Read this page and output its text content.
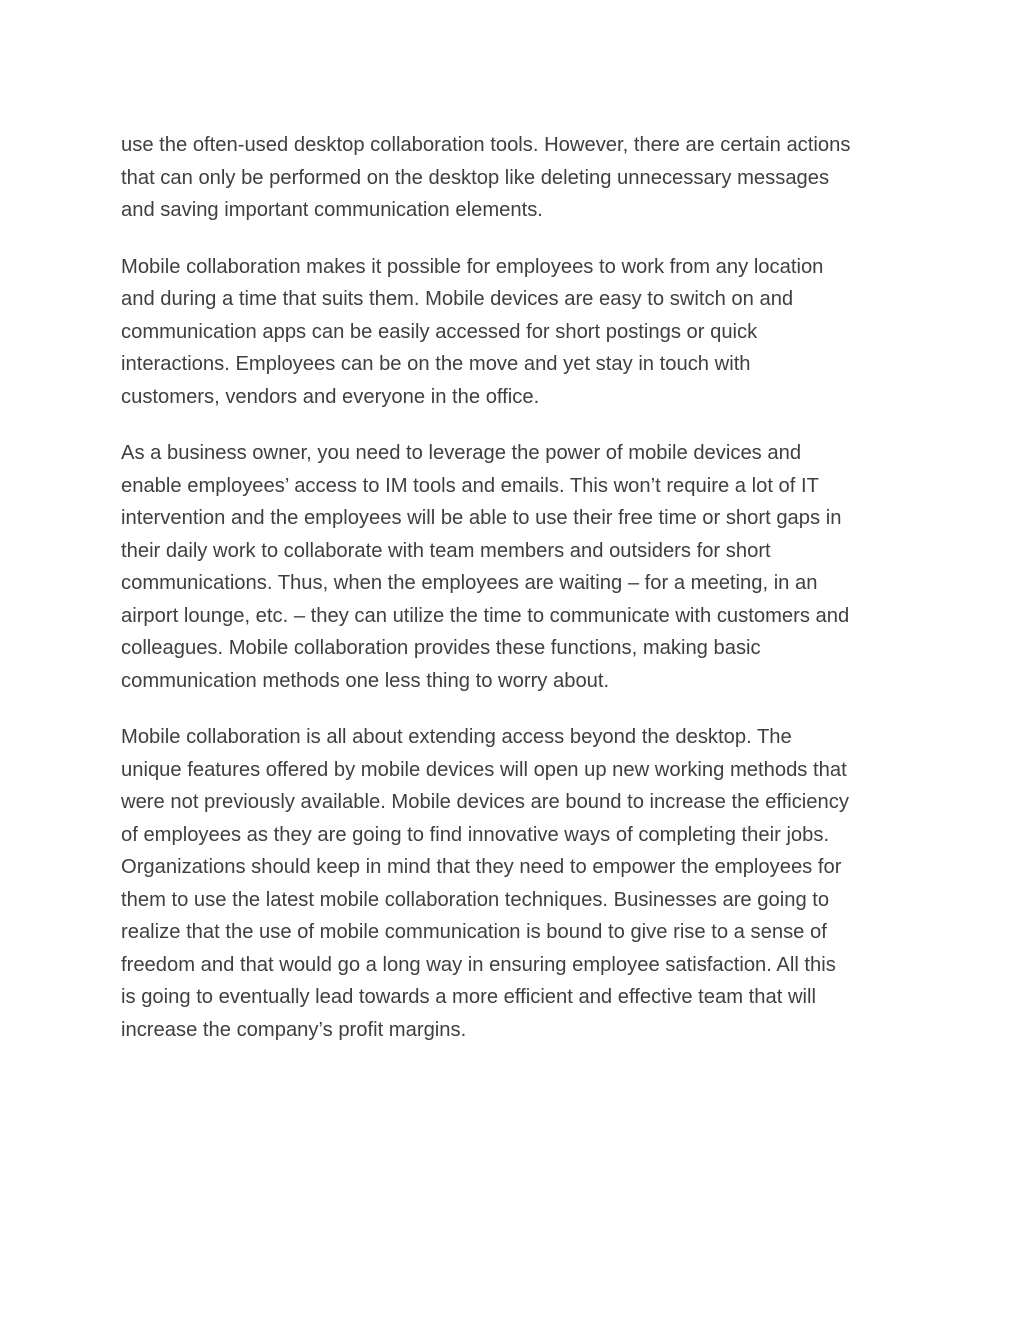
use the often-used desktop collaboration tools. However, there are certain actions
that can only be performed on the desktop like deleting unnecessary messages
and saving important communication elements.

Mobile collaboration makes it possible for employees to work from any location
and during a time that suits them. Mobile devices are easy to switch on and
communication apps can be easily accessed for short postings or quick
interactions. Employees can be on the move and yet stay in touch with
customers, vendors and everyone in the office.

As a business owner, you need to leverage the power of mobile devices and
enable employees’ access to IM tools and emails. This won’t require a lot of IT
intervention and the employees will be able to use their free time or short gaps in
their daily work to collaborate with team members and outsiders for short
communications. Thus, when the employees are waiting – for a meeting, in an
airport lounge, etc. – they can utilize the time to communicate with customers and
colleagues. Mobile collaboration provides these functions, making basic
communication methods one less thing to worry about.

Mobile collaboration is all about extending access beyond the desktop. The
unique features offered by mobile devices will open up new working methods that
were not previously available. Mobile devices are bound to increase the efficiency
of employees as they are going to find innovative ways of completing their jobs.
Organizations should keep in mind that they need to empower the employees for
them to use the latest mobile collaboration techniques. Businesses are going to
realize that the use of mobile communication is bound to give rise to a sense of
freedom and that would go a long way in ensuring employee satisfaction. All this
is going to eventually lead towards a more efficient and effective team that will
increase the company’s profit margins.
